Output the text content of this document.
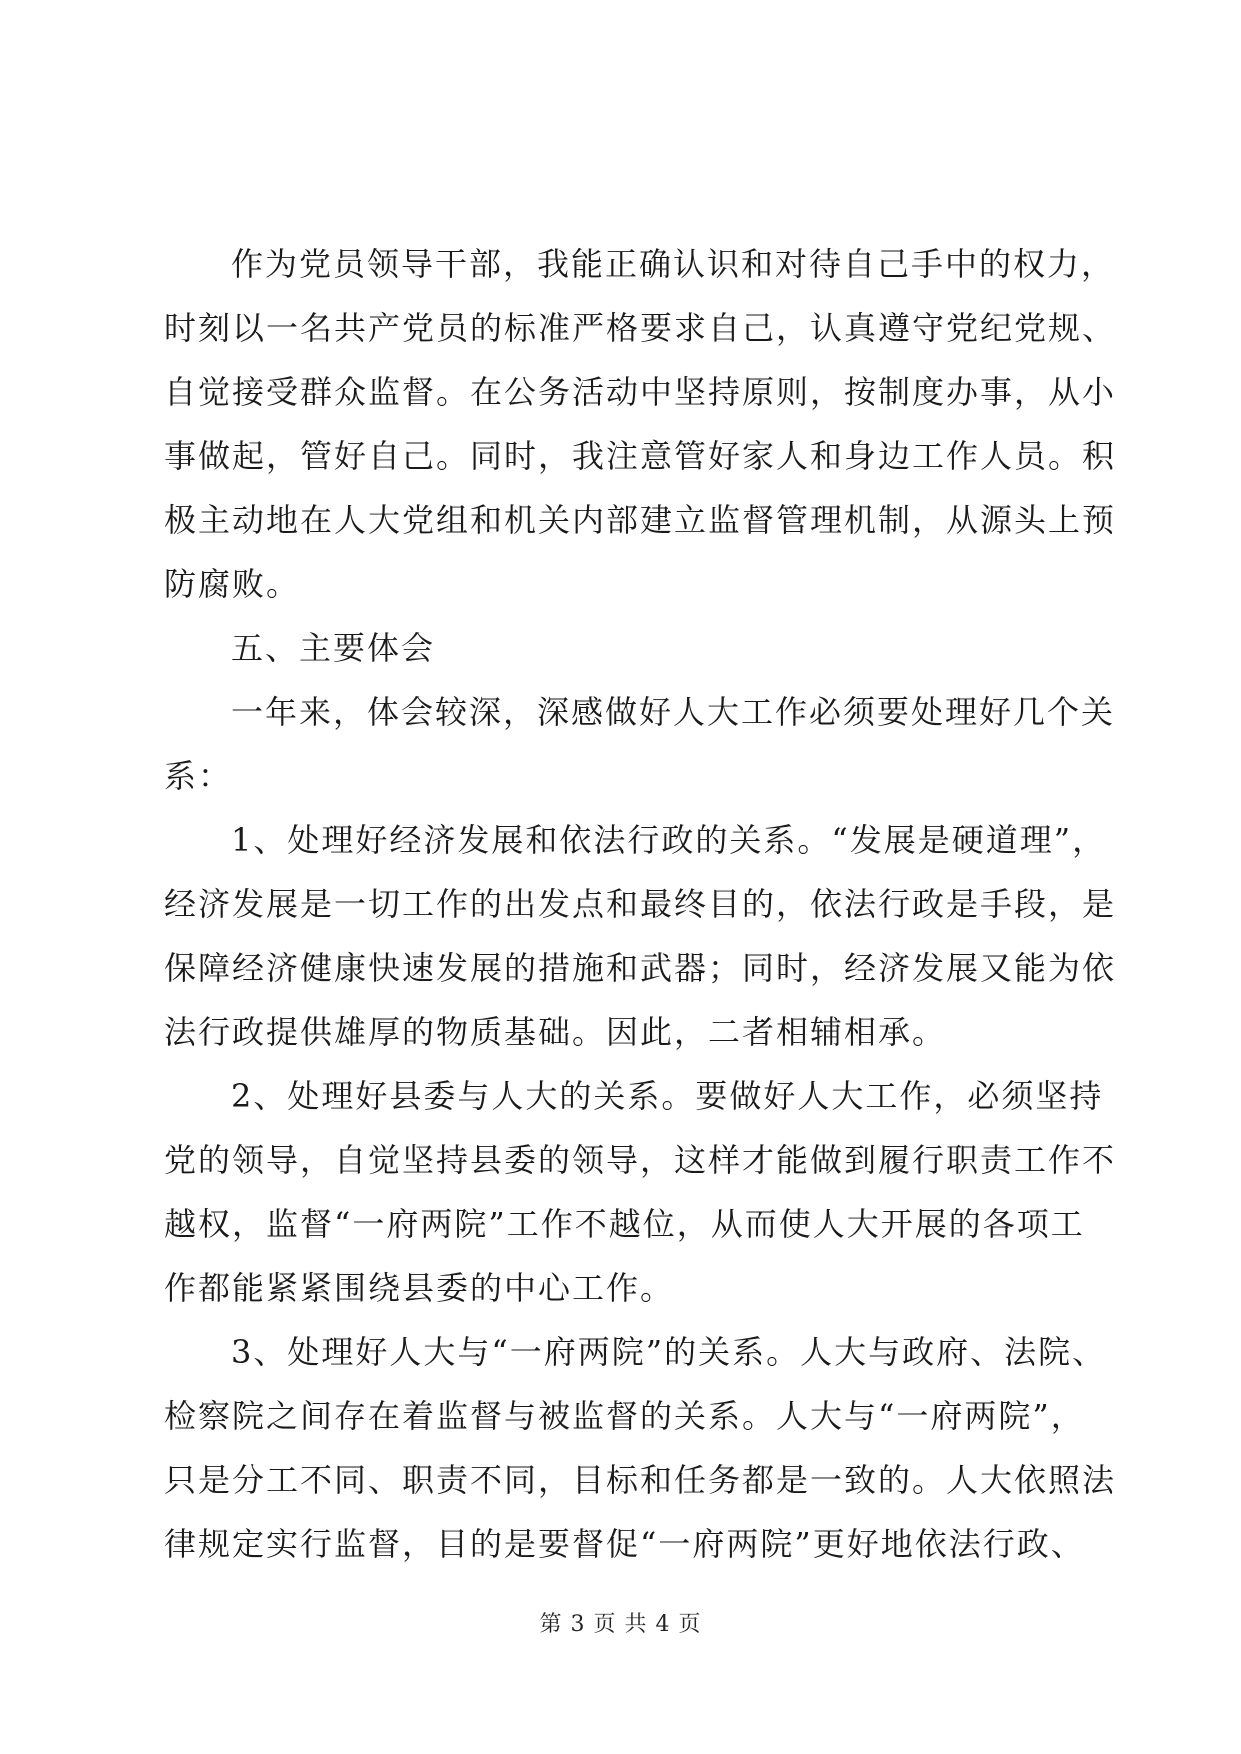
作为党员领导干部，我能正确认识和对待自己手中的权力，
时刻以一名共产党员的标准严格要求自己，认真遵守党纪党规、
自觉接受群众监督。在公务活动中坚持原则，按制度办事，从小
事做起，管好自己。同时，我注意管好家人和身边工作人员。积
极主动地在人大党组和机关内部建立监督管理机制，从源头上预
防腐败。
五、主要体会
一年来，体会较深，深感做好人大工作必须要处理好几个关
系：
1、处理好经济发展和依法行政的关系。“发展是硬道理”，
经济发展是一切工作的出发点和最终目的，依法行政是手段，是
保障经济健康快速发展的措施和武器；同时，经济发展又能为依
法行政提供雄厚的物质基础。因此，二者相辅相承。
2、处理好县委与人大的关系。要做好人大工作，必须坚持
党的领导，自觉坚持县委的领导，这样才能做到履行职责工作不
越权，监督“一府两院”工作不越位，从而使人大开展的各项工
作都能紧紧围绕县委的中心工作。
3、处理好人大与“一府两院”的关系。人大与政府、法院、
检察院之间存在着监督与被监督的关系。人大与“一府两院”，
只是分工不同、职责不同，目标和任务都是一致的。人大依照法
律规定实行监督，目的是要督促“一府两院”更好地依法行政、
第 3 页 共 4 页
